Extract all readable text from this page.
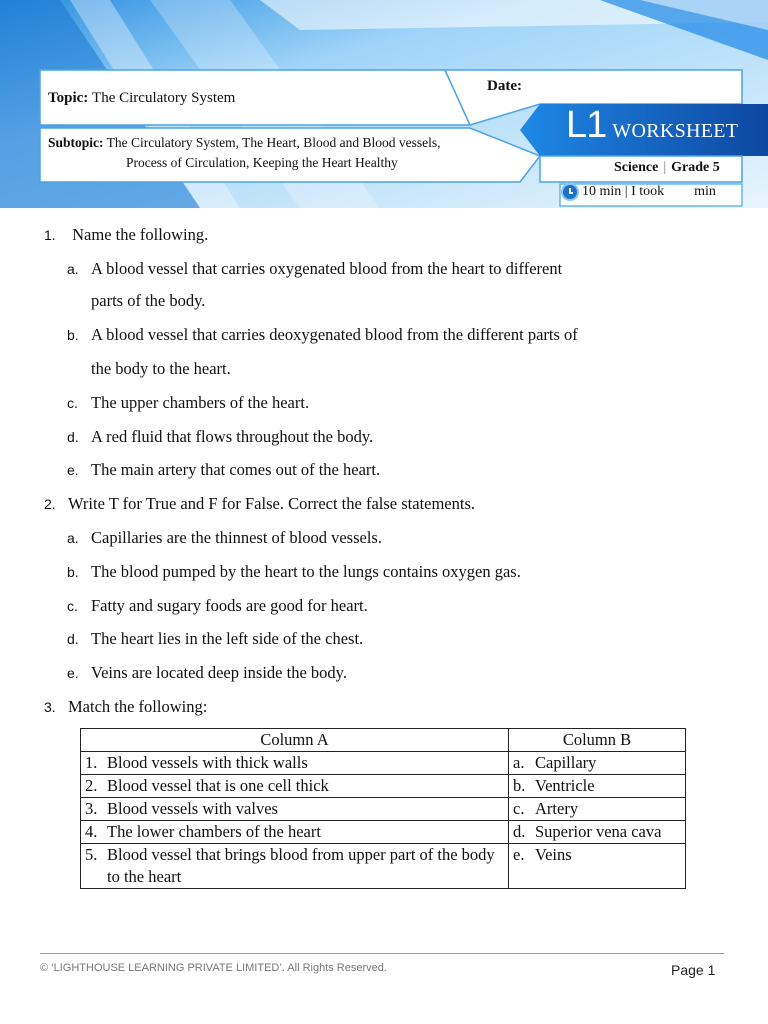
Topic:
The Circulatory System
Date:
Subtopic: The Circulatory System, The Heart, Blood and Blood vessels,
Process of Circulation, Keeping the Heart Healthy
L1 WORKSHEET
Science | Grade 5
10 min | I took min
1. Name the following.
a. A blood vessel that carries oxygenated blood from the heart to different
parts of the body.
b. A blood vessel that carries deoxygenated blood from the different parts of
the body to the heart.
c. The upper chambers of the heart.
d. A red fluid that flows throughout the body.
e. The main artery that comes out of the heart.
2. Write T for True and F for False. Correct the false statements.
a. Capillaries are the thinnest of blood vessels.
b. The blood pumped by the heart to the lungs contains oxygen gas.
c. Fatty and sugary foods are good for heart.
d. The heart lies in the left side of the chest.
e. Veins are located deep inside the body.
3. Match the following:
Column A	Column B

1. Blood vessels with thick walls	a. Capillary

2. Blood vessel that is one cell thick	b. Ventricle

3. Blood vessels with valves	c. Artery

4. The lower chambers of the heart	d. Superior vena cava

5. Blood vessel that brings blood from upper part of the body to the heart	e. Veins
© ‘LIGHTHOUSE LEARNING PRIVATE LIMITED’. All Rights Reserved.	Page 1
